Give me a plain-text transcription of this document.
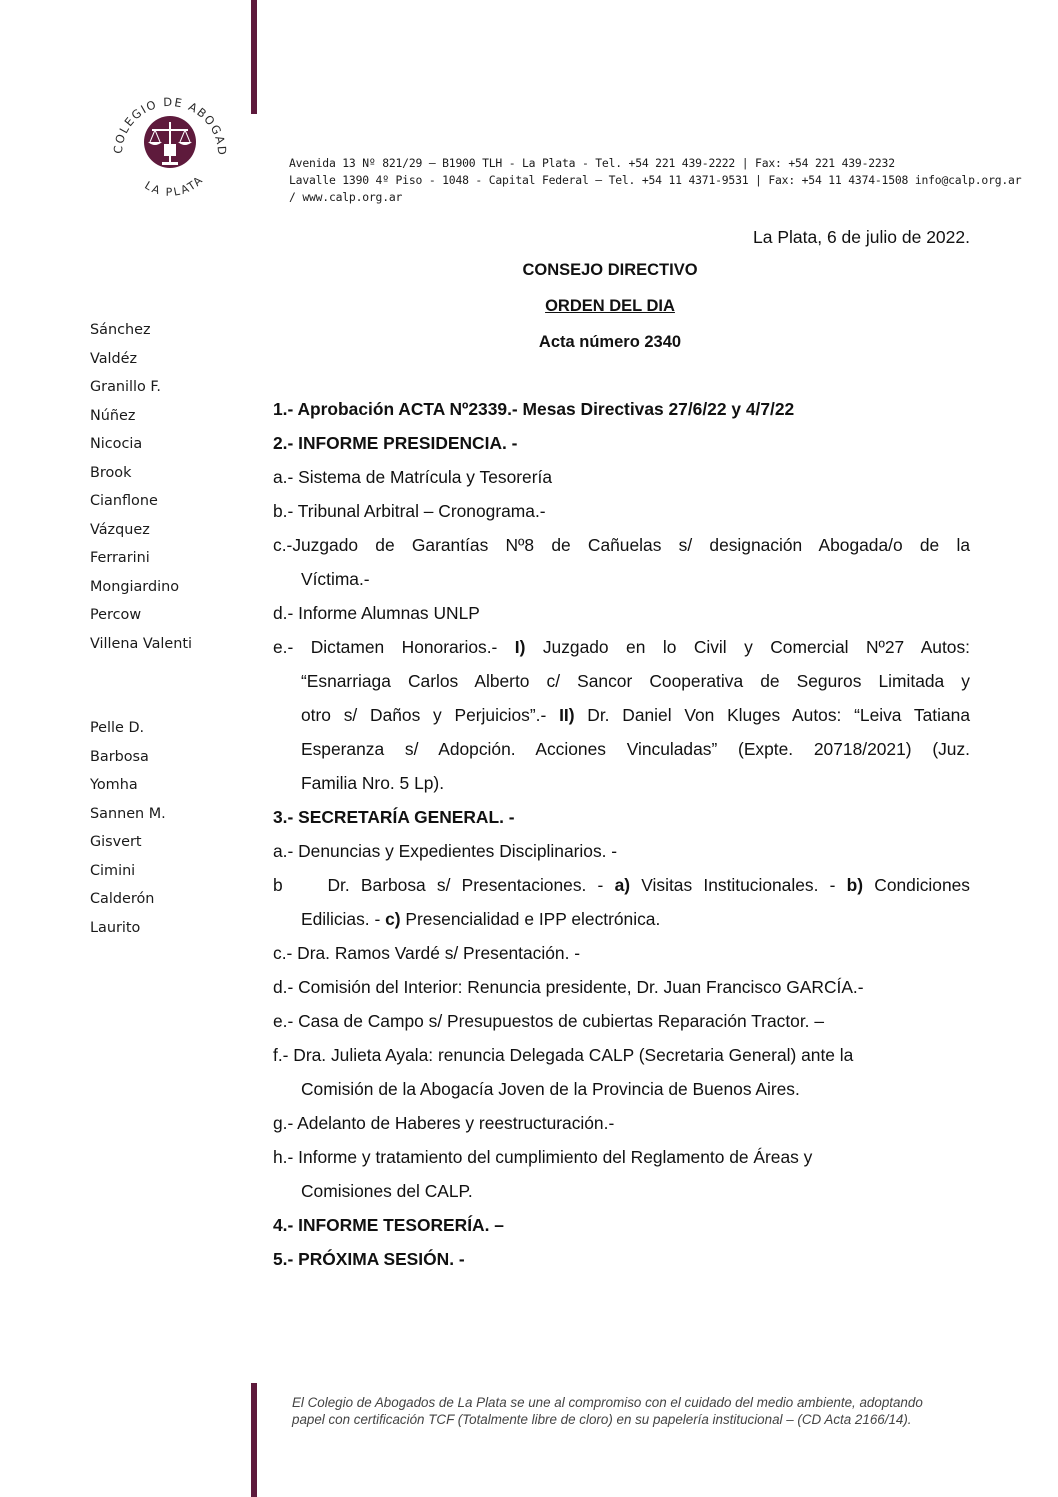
COLEGIO DE ABOGAD
LA PLATA
Avenida 13 Nº 821/29 – B1900 TLH - La Plata - Tel. +54 221 439-2222 | Fax: +54 221 439-2232
Lavalle 1390 4º Piso - 1048 - Capital Federal – Tel. +54 11 4371-9531 | Fax: +54 11 4374-1508 info@calp.org.ar
/ www.calp.org.ar
La Plata, 6 de julio de 2022.
CONSEJO DIRECTIVO
ORDEN DEL DIA
Acta número 2340
Sánchez
Valdéz
Granillo F.
Núñez
Nicocia
Brook
Cianflone
Vázquez
Ferrarini
Mongiardino
Percow
Villena Valenti
Pelle D.
Barbosa
Yomha
Sannen M.
Gisvert
Cimini
Calderón
Laurito
1.- Aprobación ACTA Nº2339.- Mesas Directivas 27/6/22 y 4/7/22
2.- INFORME PRESIDENCIA. -
a.- Sistema de Matrícula y Tesorería
b.- Tribunal Arbitral – Cronograma.-
c.-Juzgado de Garantías Nº8 de Cañuelas s/ designación Abogada/o de la
Víctima.-
d.- Informe Alumnas UNLP
e.- Dictamen Honorarios.- I) Juzgado en lo Civil y Comercial Nº27 Autos:
“Esnarriaga Carlos Alberto c/ Sancor Cooperativa de Seguros Limitada y
otro s/ Daños y Perjuicios”.- II) Dr. Daniel Von Kluges Autos: “Leiva Tatiana
Esperanza s/ Adopción. Acciones Vinculadas” (Expte. 20718/2021) (Juz.
Familia Nro. 5 Lp).
3.- SECRETARÍA GENERAL. -
a.- Denuncias y Expedientes Disciplinarios. -
b    Dr. Barbosa s/ Presentaciones. - a) Visitas Institucionales. - b) Condiciones
Edilicias. - c) Presencialidad e IPP electrónica.
c.- Dra. Ramos Vardé s/ Presentación. -
d.- Comisión del Interior: Renuncia presidente, Dr. Juan Francisco GARCÍA.-
e.- Casa de Campo s/ Presupuestos de cubiertas Reparación Tractor. –
f.- Dra. Julieta Ayala: renuncia Delegada CALP (Secretaria General) ante la
Comisión de la Abogacía Joven de la Provincia de Buenos Aires.
g.- Adelanto de Haberes y reestructuración.-
h.- Informe y tratamiento del cumplimiento del Reglamento de Áreas y
Comisiones del CALP.
4.- INFORME TESORERÍA. –
5.- PRÓXIMA SESIÓN. -
El Colegio de Abogados de La Plata se une al compromiso con el cuidado del medio ambiente, adoptando
papel con certificación TCF (Totalmente libre de cloro) en su papelería institucional – (CD Acta 2166/14).
